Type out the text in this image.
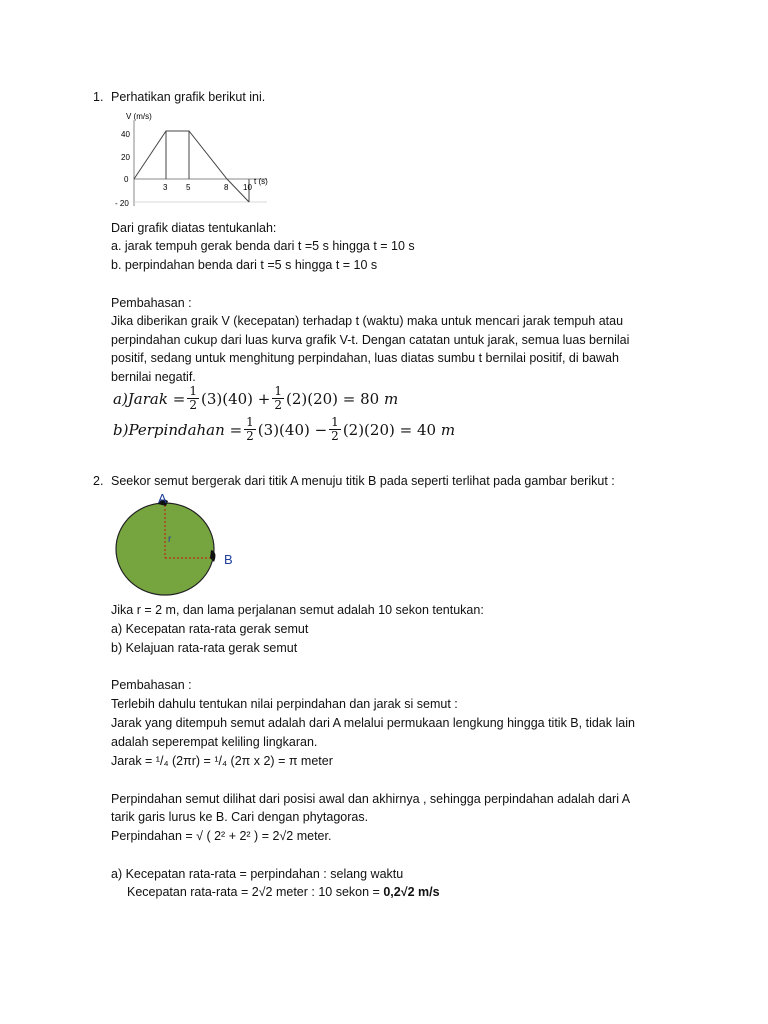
1. Perhatikan grafik berikut ini.
V (m/s)
40
20
0
- 20
3 5	8 10
t (s)
Dari grafik diatas tentukanlah:
a. jarak tempuh gerak benda dari t =5 s hingga t = 10 s
b. perpindahan benda dari t =5 s hingga t = 10 s
Pembahasan :
Jika diberikan graik V (kecepatan) terhadap t (waktu) maka untuk mencari jarak tempuh atau
perpindahan cukup dari luas kurva grafik V-t. Dengan catatan untuk jarak, semua luas bernilai
positif, sedang untuk menghitung perpindahan, luas diatas sumbu t bernilai positif, di bawah
bernilai negatif.
a)Jarak
= $\frac{1}{2} (3)(40) + \frac{1}{2} (2)(20) = 80$
m
b)Perpindahan
= $\frac{1}{2} (3)(40) - \frac{1}{2} (2)(20) = 40$
m
2. Seekor semut bergerak dari titik A menuju titik B pada seperti terlihat pada gambar berikut :
A
B
r
Jika r = 2 m, dan lama perjalanan semut adalah 10 sekon tentukan:
a) Kecepatan rata-rata gerak semut
b) Kelajuan rata-rata gerak semut
Pembahasan :
Terlebih dahulu tentukan nilai perpindahan dan jarak si semut :
Jarak yang ditempuh semut adalah dari A melalui permukaan lengkung hingga titik B, tidak lain
adalah seperempat keliling lingkaran.
Jarak = ¹/₄ (2πr) = ¹/₄ (2π x 2) = π meter
Perpindahan semut dilihat dari posisi awal dan akhirnya , sehingga perpindahan adalah dari A
tarik garis lurus ke B. Cari dengan phytagoras.
Perpindahan = √ ( 2² + 2² ) = 2√2 meter.
a) Kecepatan rata-rata = perpindahan : selang waktu
Kecepatan rata-rata = 2√2 meter : 10 sekon = 0,2√2 m/s
